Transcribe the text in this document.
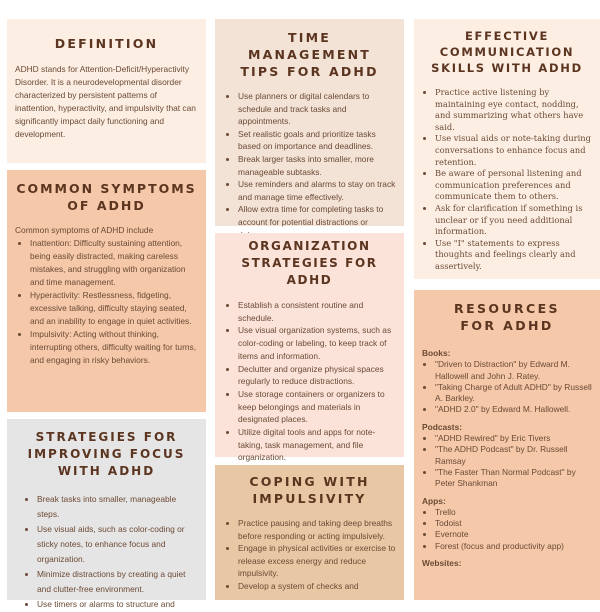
DEFINITION

ADHD stands for Attention-Deficit/Hyperactivity Disorder. It is a neurodevelopmental disorder characterized by persistent patterns of inattention, hyperactivity, and impulsivity that can significantly impact daily functioning and development.

COMMON SYMPTOMS OF ADHD

Common symptoms of ADHD include

• Inattention: Difficulty sustaining attention, being easily distracted, making careless mistakes, and struggling with organization and time management.
• Hyperactivity: Restlessness, fidgeting, excessive talking, difficulty staying seated, and an inability to engage in quiet activities.
• Impulsivity: Acting without thinking, interrupting others, difficulty waiting for turns, and engaging in risky behaviors.
STRATEGIES FOR IMPROVING FOCUS WITH ADHD
• Break tasks into smaller, manageable steps.
• Use visual aids, such as color-coding or sticky notes, to enhance focus and organization.
• Minimize distractions by creating a quiet and clutter-free environment.
• Use timers or alarms to structure and
TIME MANAGEMENT TIPS FOR ADHD
• Use planners or digital calendars to schedule and track tasks and appointments.
• Set realistic goals and prioritize tasks based on importance and deadlines.
• Break larger tasks into smaller, more manageable subtasks.
• Use reminders and alarms to stay on track and manage time effectively.
• Allow extra time for completing tasks to account for potential distractions or
ORGANIZATION STRATEGIES FOR ADHD
• Establish a consistent routine and schedule.
• Use visual organization systems, such as color-coding or labeling, to keep track of items and information.
• Declutter and organize physical spaces regularly to reduce distractions.
• Use storage containers or organizers to keep belongings and materials in designated places.
• Utilize digital tools and apps for note-taking, task management, and file organization.
COPING WITH IMPULSIVITY
• Practice pausing and taking deep breaths before responding or acting impulsively.
• Engage in physical activities or exercise to release excess energy and reduce impulsivity.
• Develop a system of checks and
EFFECTIVE COMMUNICATION SKILLS WITH ADHD
• Practice active listening by maintaining eye contact, nodding, and summarizing what others have said.
• Use visual aids or note-taking during conversations to enhance focus and retention.
• Be aware of personal listening and communication preferences and communicate them to others.
• Ask for clarification if something is unclear or if you need additional information.
• Use "I" statements to express thoughts and feelings clearly and assertively.
RESOURCES FOR ADHD
Books:
• "Driven to Distraction" by Edward M. Hallowell and John J. Ratey.
• "Taking Charge of Adult ADHD" by Russell A. Barkley.
• "ADHD 2.0" by Edward M. Hallowell.
Podcasts:
• "ADHD Rewired" by Eric Tivers
• "The ADHD Podcast" by Dr. Russell Ramsay
• "The Faster Than Normal Podcast" by Peter Shankman
Apps:
• Trello
• Todoist
• Evernote
• Forest (focus and productivity app)
Websites:
